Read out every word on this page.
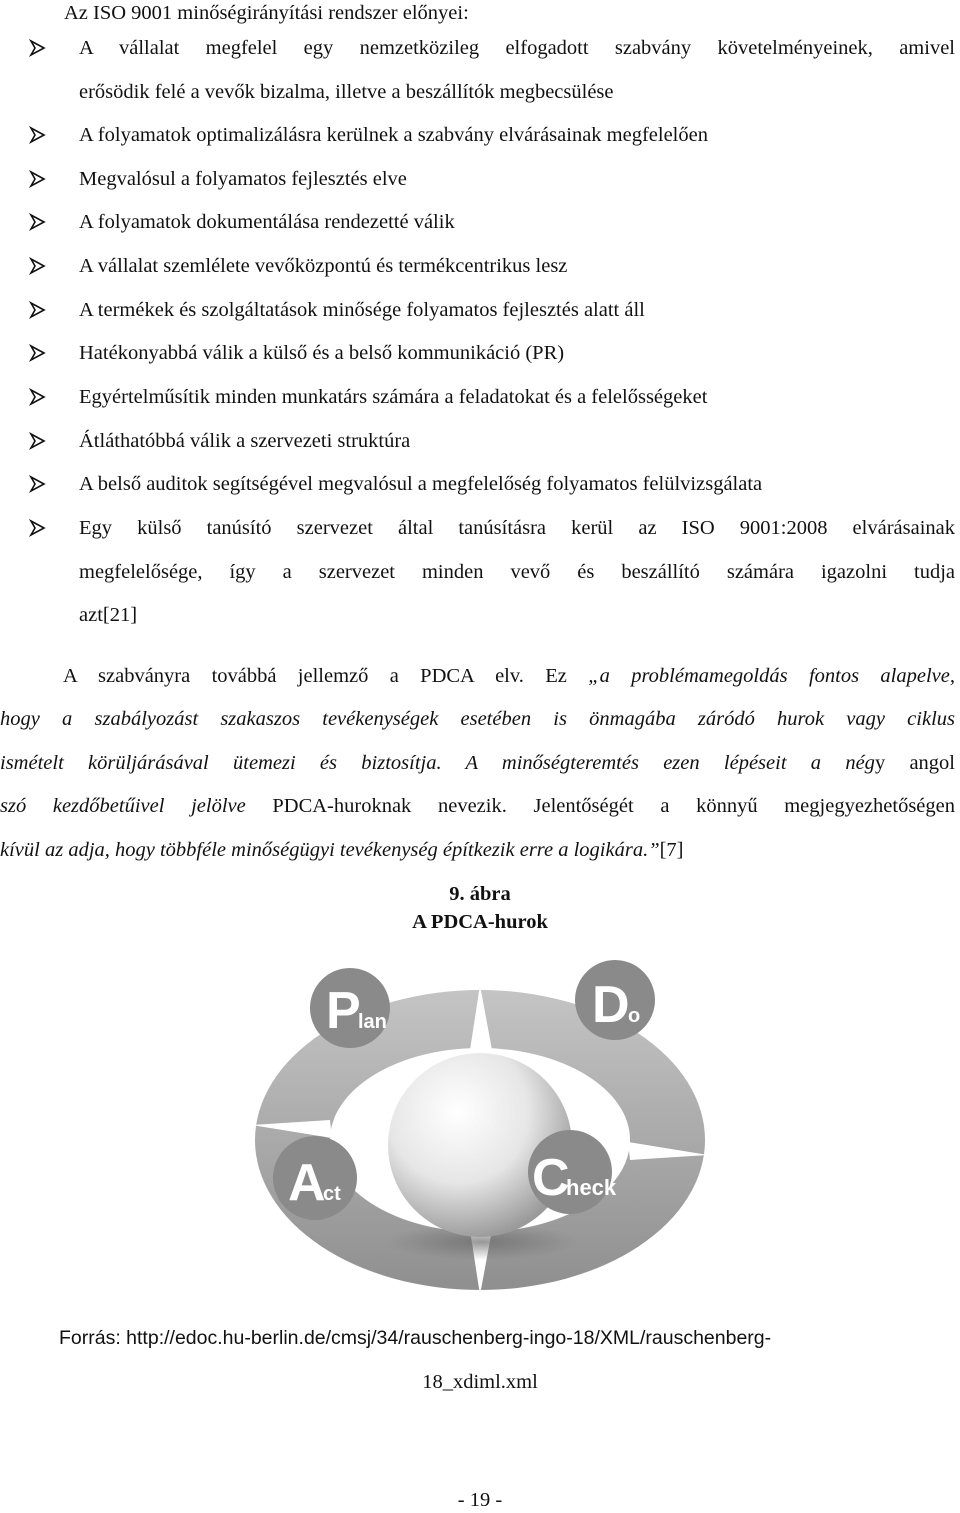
Az ISO 9001 minőségirányítási rendszer előnyei:
A vállalat megfelel egy nemzetközileg elfogadott szabvány követelményeinek, amivel
erősödik felé a vevők bizalma, illetve a beszállítók megbecsülése
A folyamatok optimalizálásra kerülnek a szabvány elvárásainak megfelelően
Megvalósul a folyamatos fejlesztés elve
A folyamatok dokumentálása rendezetté válik
A vállalat szemlélete vevőközpontú és termékcentrikus lesz
A termékek és szolgáltatások minősége folyamatos fejlesztés alatt áll
Hatékonyabbá válik a külső és a belső kommunikáció (PR)
Egyértelműsítik minden munkatárs számára a feladatokat és a felelősségeket
Átláthatóbbá válik a szervezeti struktúra
A belső auditok segítségével megvalósul a megfelelőség folyamatos felülvizsgálata
Egy külső tanúsító szervezet által tanúsításra kerül az ISO 9001:2008 elvárásainak
megfelelősége, így a szervezet minden vevő és beszállító számára igazolni tudja
azt[21]
A szabványra továbbá jellemző a PDCA elv. Ez „a problémamegoldás fontos alapelve,
hogy a szabályozást szakaszos tevékenységek esetében is önmagába záródó hurok vagy ciklus
ismételt körüljárásával ütemezi és biztosítja. A minőségteremtés ezen lépéseit a négy angol
szó kezdőbetűivel jelölve PDCA-huroknak nevezik. Jelentőségét a könnyű megjegyezhetőségen
kívül az adja, hogy többféle minőségügyi tevékenység építkezik erre a logikára.”[7]
9. ábra
A PDCA-hurok
P
lan	D
o
A
ct	C
heck
Forrás: http://edoc.hu-berlin.de/cmsj/34/rauschenberg-ingo-18/XML/rauschenberg-
18_xdiml.xml
- 19 -
